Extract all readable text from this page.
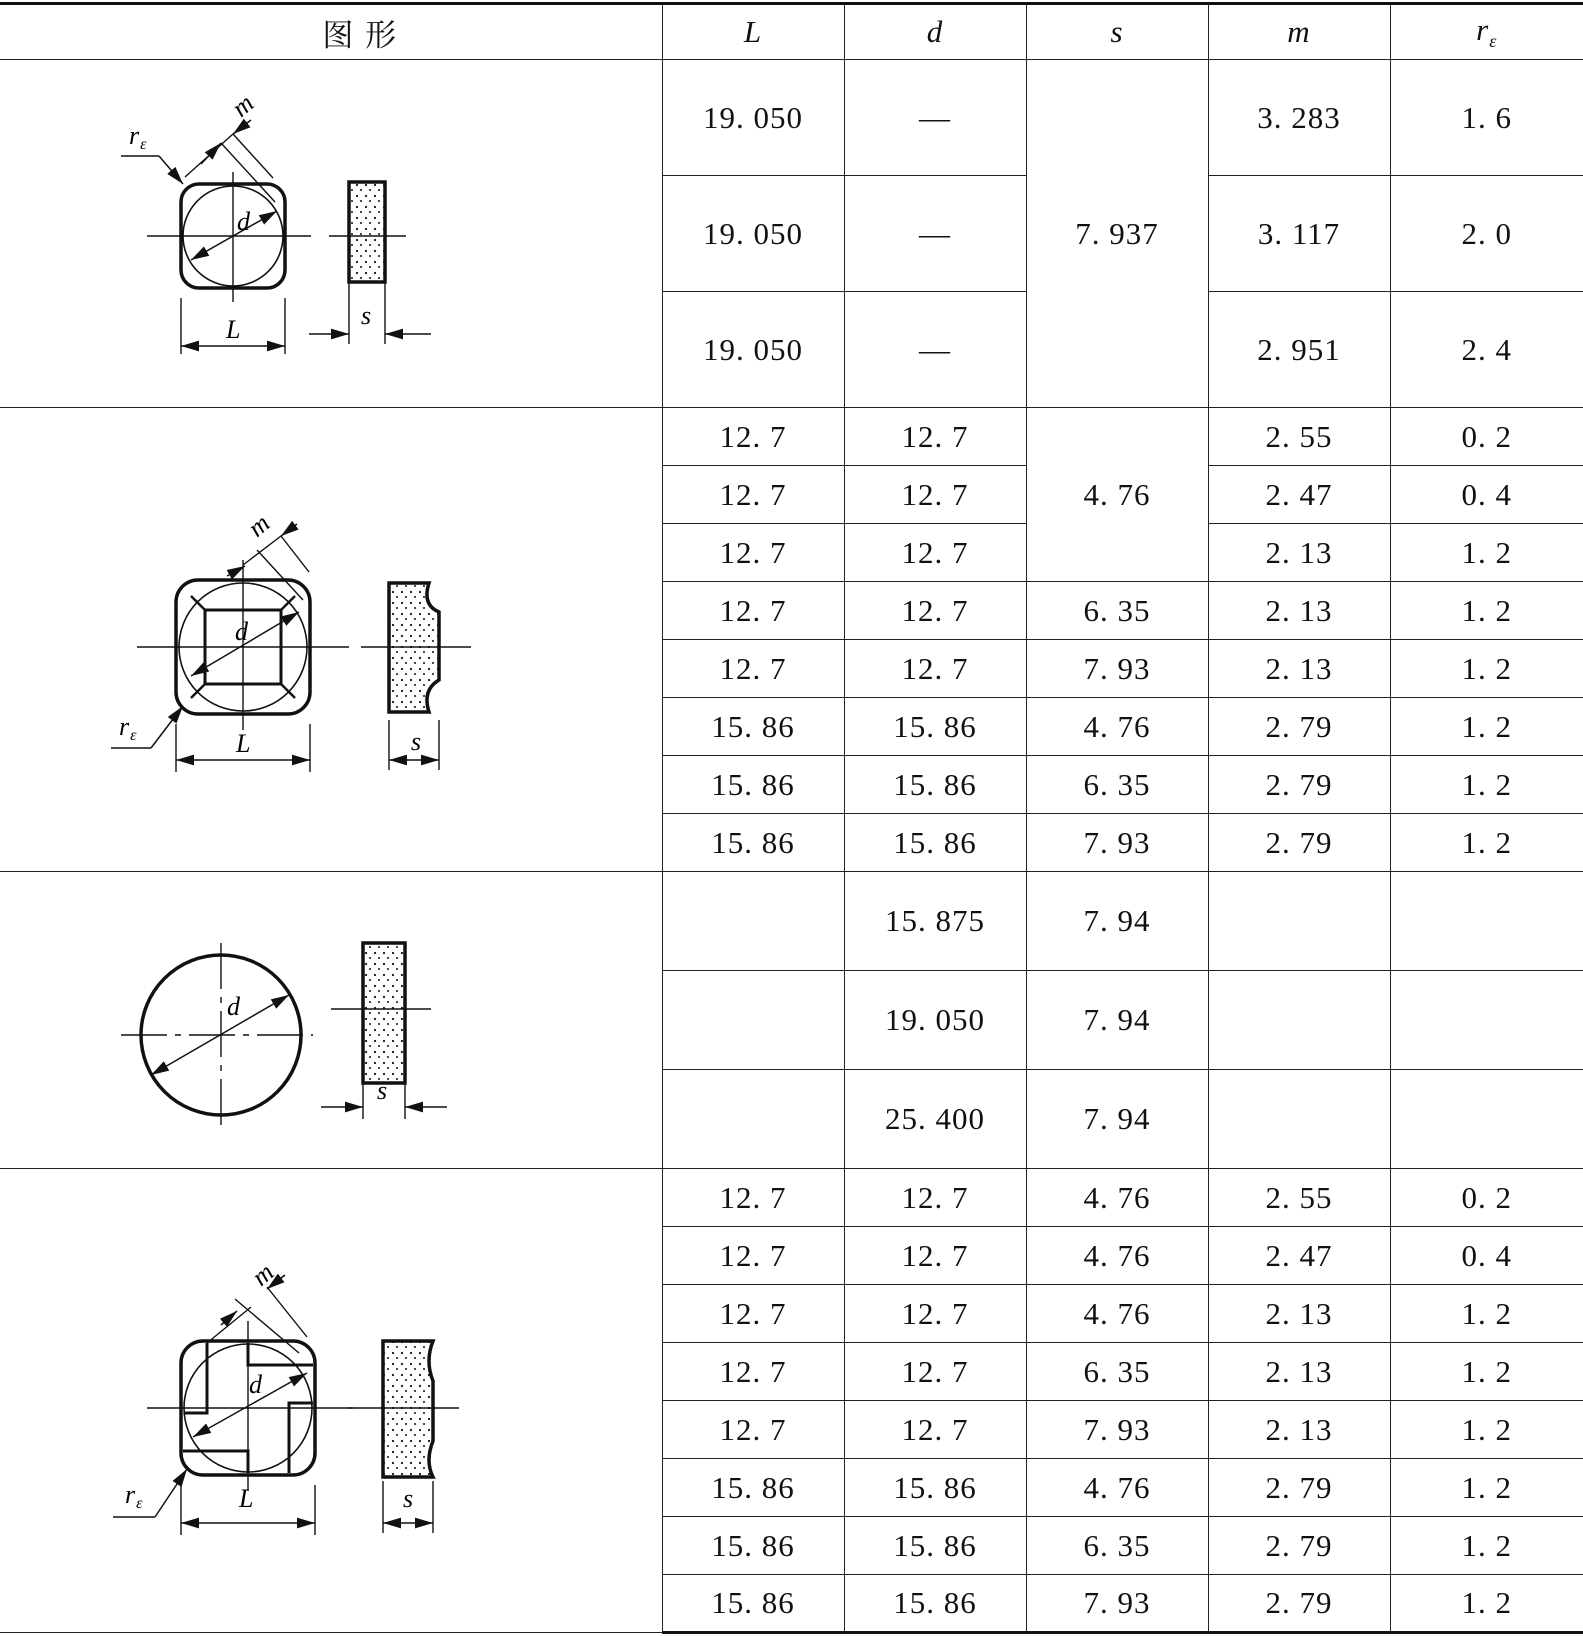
图 形	L	d	s	m	$r_\varepsilon$

d
L
m
rε
s	19. 050	—	7. 937	3. 283	1. 6
	19. 050	—		3. 117	2. 0
	19. 050	—		2. 951	2. 4

d
L
m
rε s	12. 7	12. 7	4. 76	2. 55	0. 2
	12. 7	12. 7		2. 47	0. 4
	12. 7	12. 7		2. 13	1. 2
	12. 7	12. 7	6. 35	2. 13	1. 2
	12. 7	12. 7	7. 93	2. 13	1. 2
	15. 86	15. 86	4. 76	2. 79	1. 2
	15. 86	15. 86	6. 35	2. 79	1. 2
	15. 86	15. 86	7. 93	2. 79	1. 2

d
s		15. 875	7. 94		
		19. 050	7. 94		
		25. 400	7. 94		

d
L
m
rε s	12. 7	12. 7	4. 76	2. 55	0. 2
	12. 7	12. 7	4. 76	2. 47	0. 4
	12. 7	12. 7	4. 76	2. 13	1. 2
	12. 7	12. 7	6. 35	2. 13	1. 2
	12. 7	12. 7	7. 93	2. 13	1. 2
	15. 86	15. 86	4. 76	2. 79	1. 2
	15. 86	15. 86	6. 35	2. 79	1. 2
	15. 86	15. 86	7. 93	2. 79	1. 2
